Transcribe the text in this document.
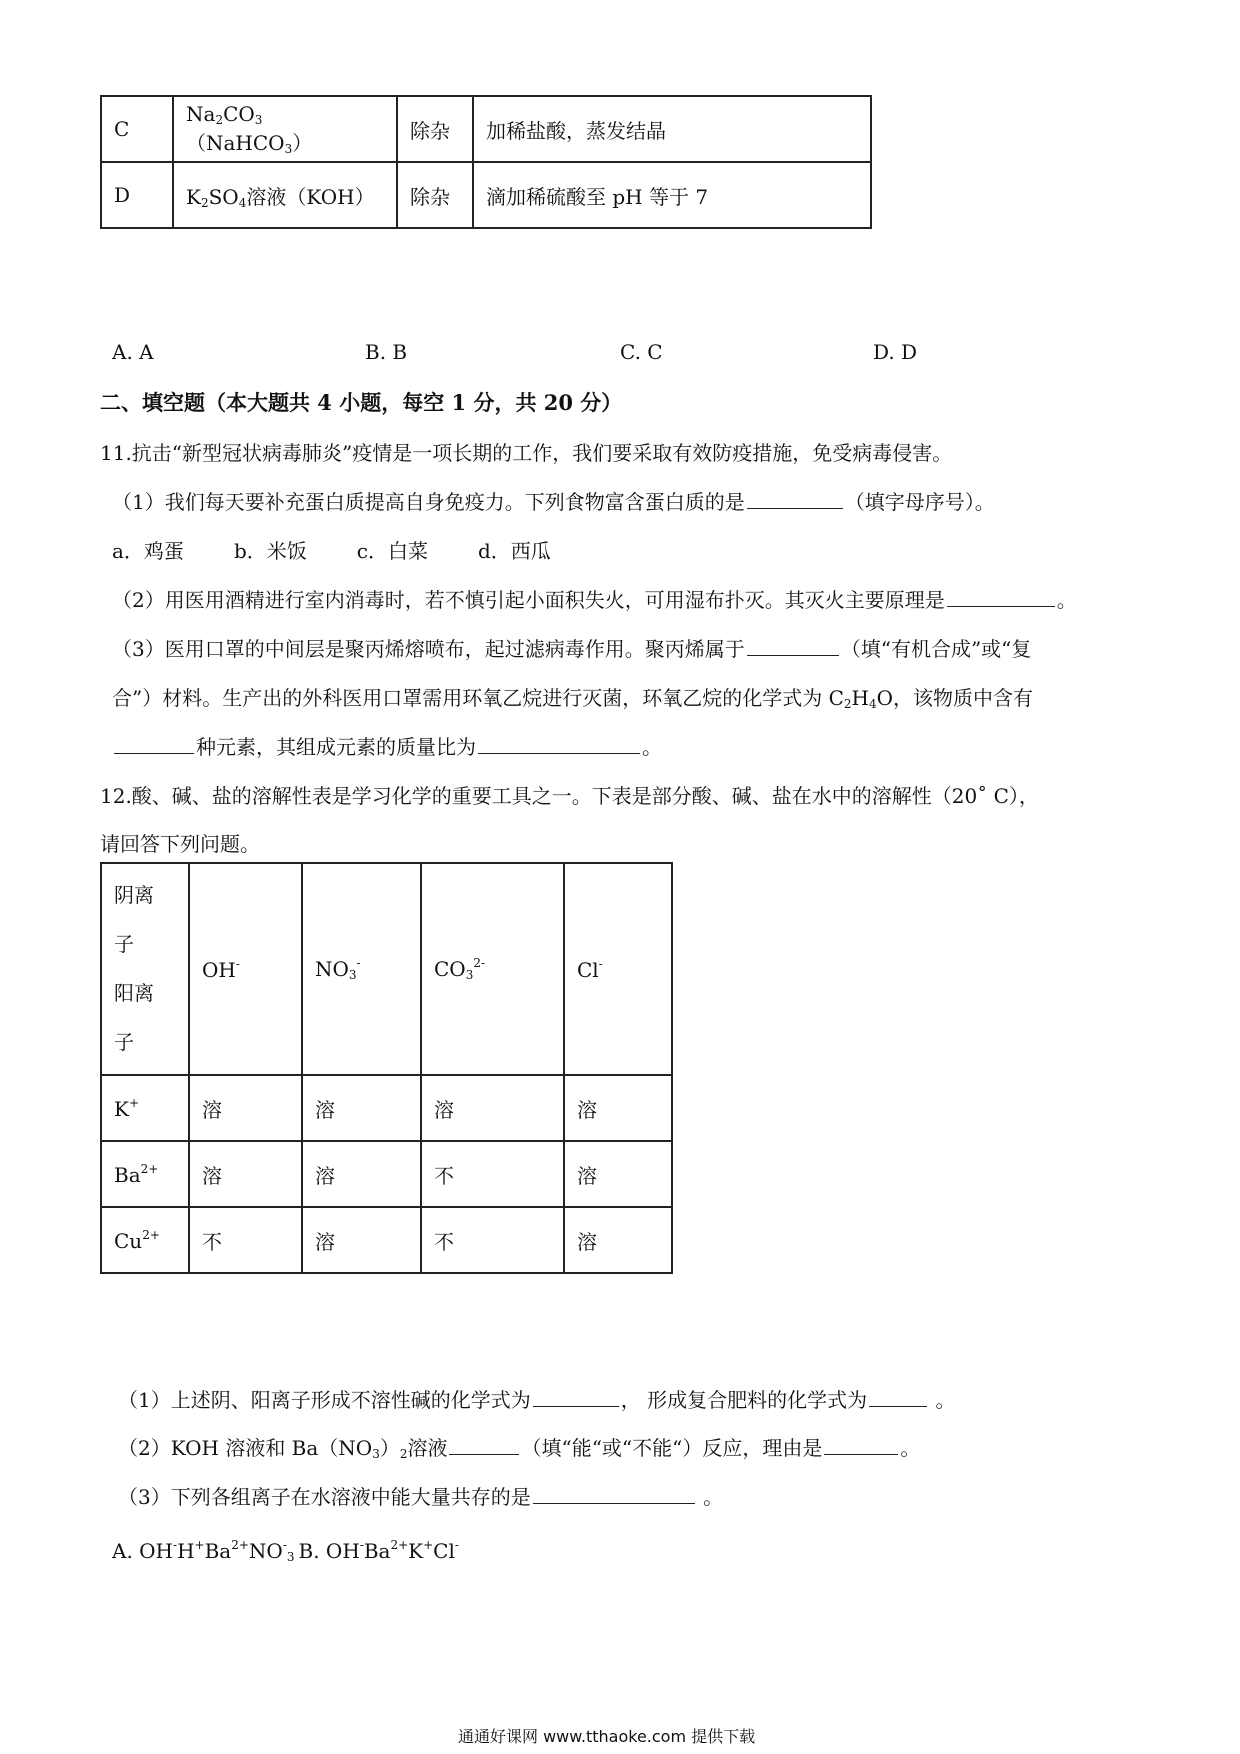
C	$Na_2CO_3(NaHCO_3)$	除杂	加稀盐酸，蒸发结晶
D	$K_2SO_4$溶液（KOH）	除杂	滴加稀硫酸至 pH 等于 7
A. A	B. B	C. C	D. D
二、填空题（本大题共 4 小题，每空 1 分，共 20 分）
11.抗击“新型冠状病毒肺炎”疫情是一项长期的工作，我们要采取有效防疫措施，免受病毒侵害。
（1）我们每天要补充蛋白质提高自身免疫力。下列食物富含蛋白质的是	（填字母序号）。
a．鸡蛋	b．米饭	c．白菜	d．西瓜
（2）用医用酒精进行室内消毒时，若不慎引起小面积失火，可用湿布扑灭。其灭火主要原理是	。
（3）医用口罩的中间层是聚丙烯熔喷布，起过滤病毒作用。聚丙烯属于	（填“有机合成”或“复
合”）材料。生产出的外科医用口罩需用环氧乙烷进行灭菌，环氧乙烷的化学式为 $C_2H_4O$，该物质中含有
种元素，其组成元素的质量比为	。
12.酸、碱、盐的溶解性表是学习化学的重要工具之一。下表是部分酸、碱、盐在水中的溶解性（20˚ C），
请回答下列问题。
阴离
子
阳离
子	OH-	$NO_3^-$	$CO_3^{2-}$	Cl-
K+	溶	溶	溶	溶
$Ba^{2+}$	溶	溶	不	溶
$Cu^{2+}$	不	溶	不	溶
（1）上述阴、阳离子形成不溶性碱的化学式为	， 形成复合肥料的化学式为	。
（2）KOH 溶液和 $Ba(NO_3)_2$溶液	（填“能“或“不能“）反应，理由是	。
（3）下列各组离子在水溶液中能大量共存的是	。
A. $OH^-H^+Ba^{2+}NO^-_3$ B. $OH^-Ba^{2+}K^+Cl^-$
通通好课网 www.tthaoke.com 提供下载
